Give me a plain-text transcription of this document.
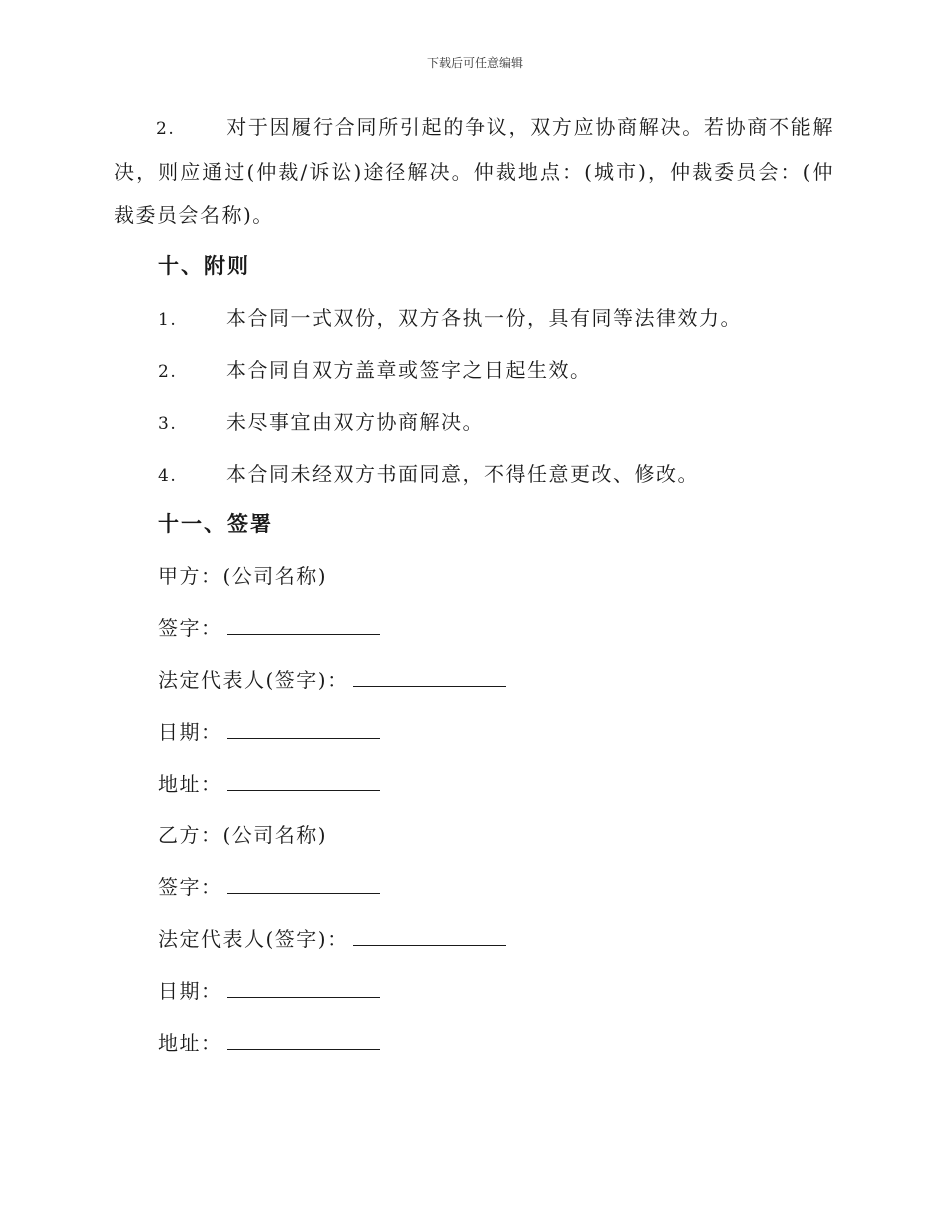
下载后可任意编辑
2.	对于因履行合同所引起的争议，双方应协商解决。若协商不能解决，则应通过(仲裁/诉讼)途径解决。仲裁地点：(城市)，仲裁委员会：(仲裁委员会名称)。
十、附则
1. 本合同一式双份，双方各执一份，具有同等法律效力。
2. 本合同自双方盖章或签字之日起生效。
3. 未尽事宜由双方协商解决。
4. 本合同未经双方书面同意，不得任意更改、修改。
十一、签署
甲方：(公司名称)
签字：
法定代表人(签字)：
日期：
地址：
乙方：(公司名称)
签字：
法定代表人(签字)：
日期：
地址：
